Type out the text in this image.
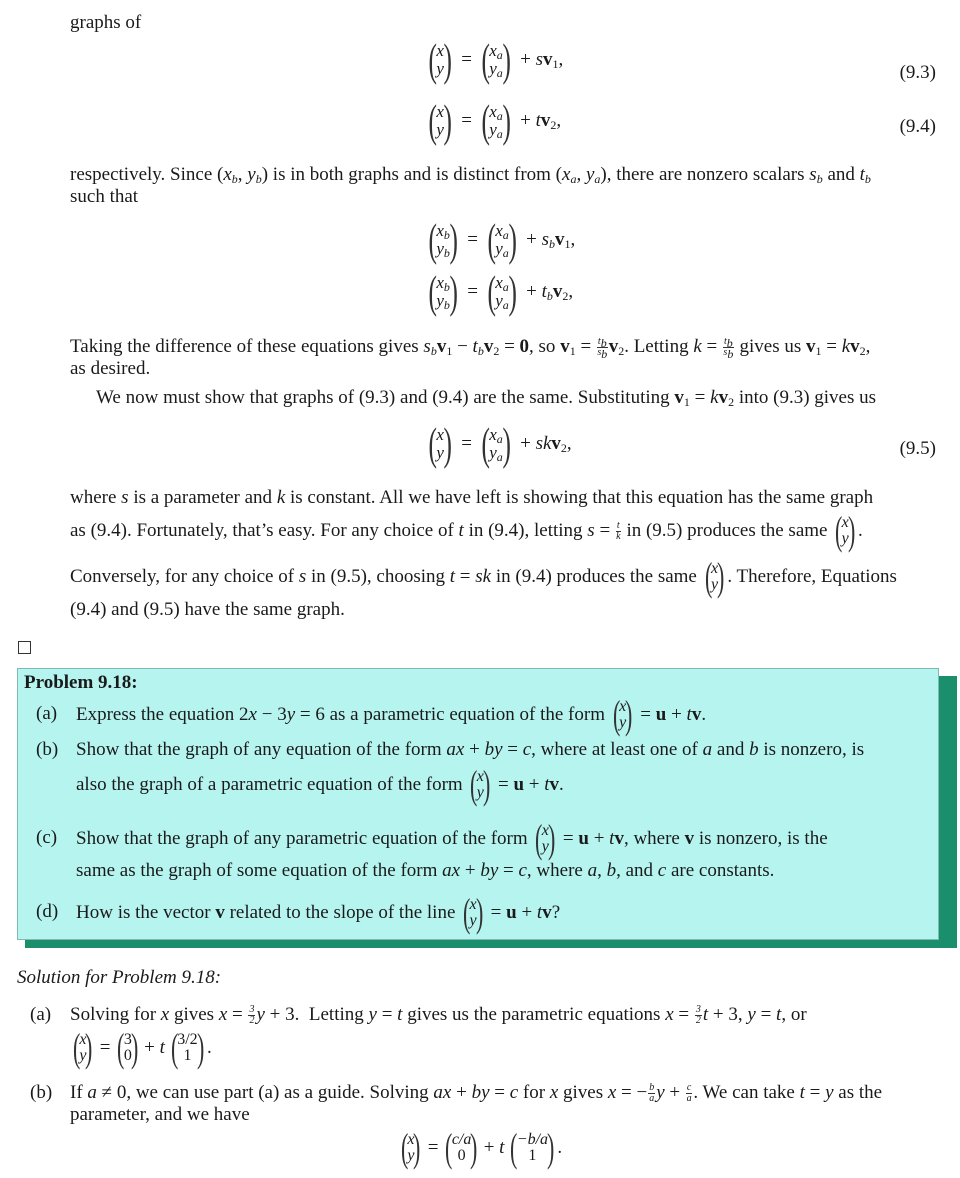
graphs of
( x
y ) = ( $x_a$
$y_a$ ) + $sv_1$,
(9.3)
( x
y ) = ( $x_a$
$y_a$ ) + $tv_2$,	(9.4)
respectively. Since ($x_b$, $y_b$) is in both graphs and is distinct from ($x_a$, $y_a$), there are nonzero scalars $s_b$ and $t_b$
such that
( $x_b$
$y_b$ ) = ( $x_a$
$y_a$ ) + $s_bv_1$,
( $x_b$
$y_b$ ) = ( $x_a$
$y_a$ ) + $t_bv_2$,
Taking the difference of these equations gives $s_bv_1 - t_bv_2 = 0$, so $v_1 = \frac{t_b}{s_b} v_2$. Letting $k = \frac{t_b}{s_b}$ gives us $v_1 = kv_2$,
as desired.
We now must show that graphs of (9.3) and (9.4) are the same. Substituting $v_1 = kv_2$ into (9.3) gives us
( x
y ) = ( $x_a$
$y_a$ ) + skv$_2$,	(9.5)
where s is a parameter and k is constant. All we have left is showing that this equation has the same graph
as (9.4). Fortunately, that’s easy. For any choice of t in (9.4), letting $s = \frac{t}{k}$ in (9.5) produces the same (
x
y
) .
Conversely, for any choice of s in (9.5), choosing t = sk in (9.4) produces the same (
x
y
) . Therefore, Equations
(9.4) and (9.5) have the same graph.
Problem 9.18:
(a) Express the equation 2x − 3y = 6 as a parametric equation of the form (
x
y
) = u + tv.
(b) Show that the graph of any equation of the form ax + by = c, where at least one of a and b is nonzero, is
also the graph of a parametric equation of the form (
x
y
) = u + tv.
(c) Show that the graph of any parametric equation of the form (
x
y
) = u + tv, where v is nonzero, is the
same as the graph of some equation of the form ax + by = c, where a, b, and c are constants.
(d) How is the vector v related to the slope of the line (
x
y
) = u + tv?
Solution for Problem 9.18:
(a) Solving for x gives $x = \frac{3}{2}$ y + 3.  Letting y = t gives us the parametric equations $x = \frac{3}{2}$ t + 3, y = t, or
(
x
y
) = (
3
0
) + t (
3/2
1 ) .
(b) If a ≠ 0, we can use part (a) as a guide. Solving ax + by = c for x gives x = − $\frac{b}{a}$ $y + \frac{c}{a}$ . We can take t = y as the
parameter, and we have
(
x
y
) = (
c/a
0 ) + t (
−b/a
1 ) .
